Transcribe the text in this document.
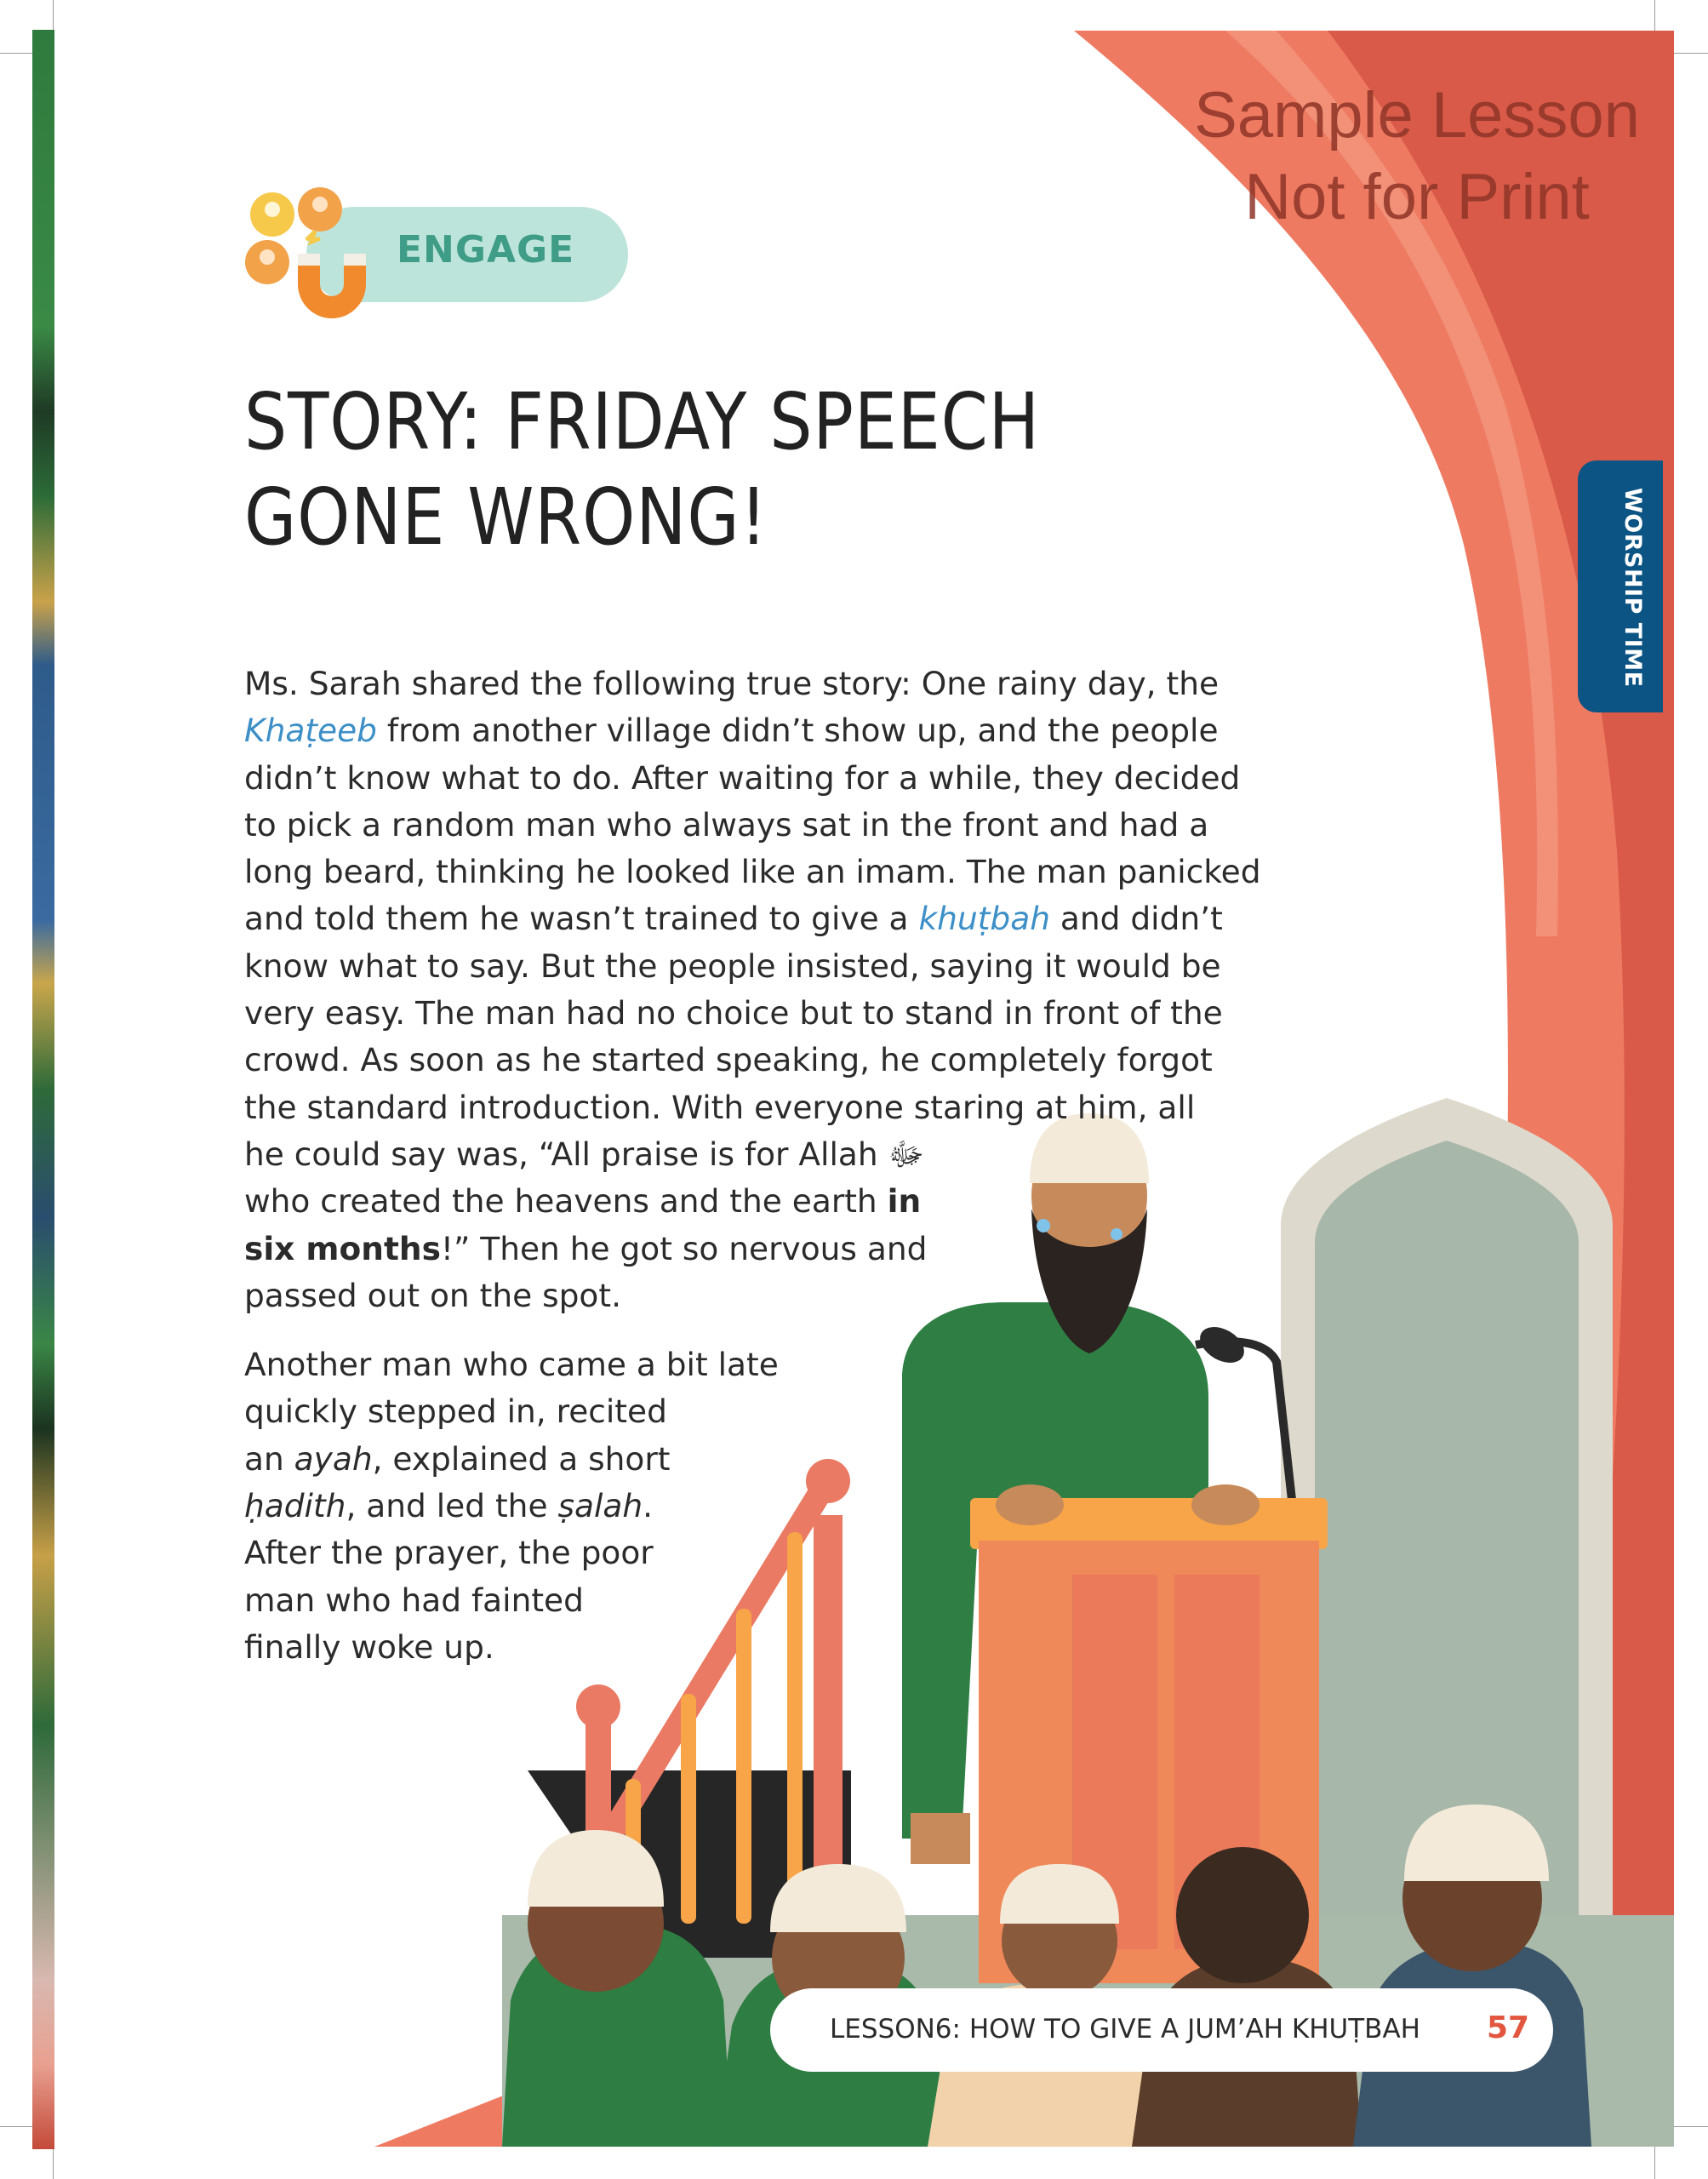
Sample Lesson
Not for Print
ENGAGE
STORY: FRIDAY SPEECH
GONE WRONG!
Ms. Sarah shared the following true story: One rainy day, the
Khaṭeeb from another village didn’t show up, and the people
didn’t know what to do. After waiting for a while, they decided
to pick a random man who always sat in the front and had a
long beard, thinking he looked like an imam. The man panicked
and told them he wasn’t trained to give a khuṭbah and didn’t
know what to say. But the people insisted, saying it would be
very easy. The man had no choice but to stand in front of the
crowd. As soon as he started speaking, he completely forgot
the standard introduction. With everyone staring at him, all
he could say was, “All praise is for Allah ﷻ
who created the heavens and the earth in
six months!” Then he got so nervous and
passed out on the spot.
Another man who came a bit late
quickly stepped in, recited
an ayah, explained a short
ḥadith, and led the ṣalah.
After the prayer, the poor
man who had fainted
finally woke up.
WORSHIP TIME
LESSON6: HOW TO GIVE A JUM’AH KHUṬBAH	57
